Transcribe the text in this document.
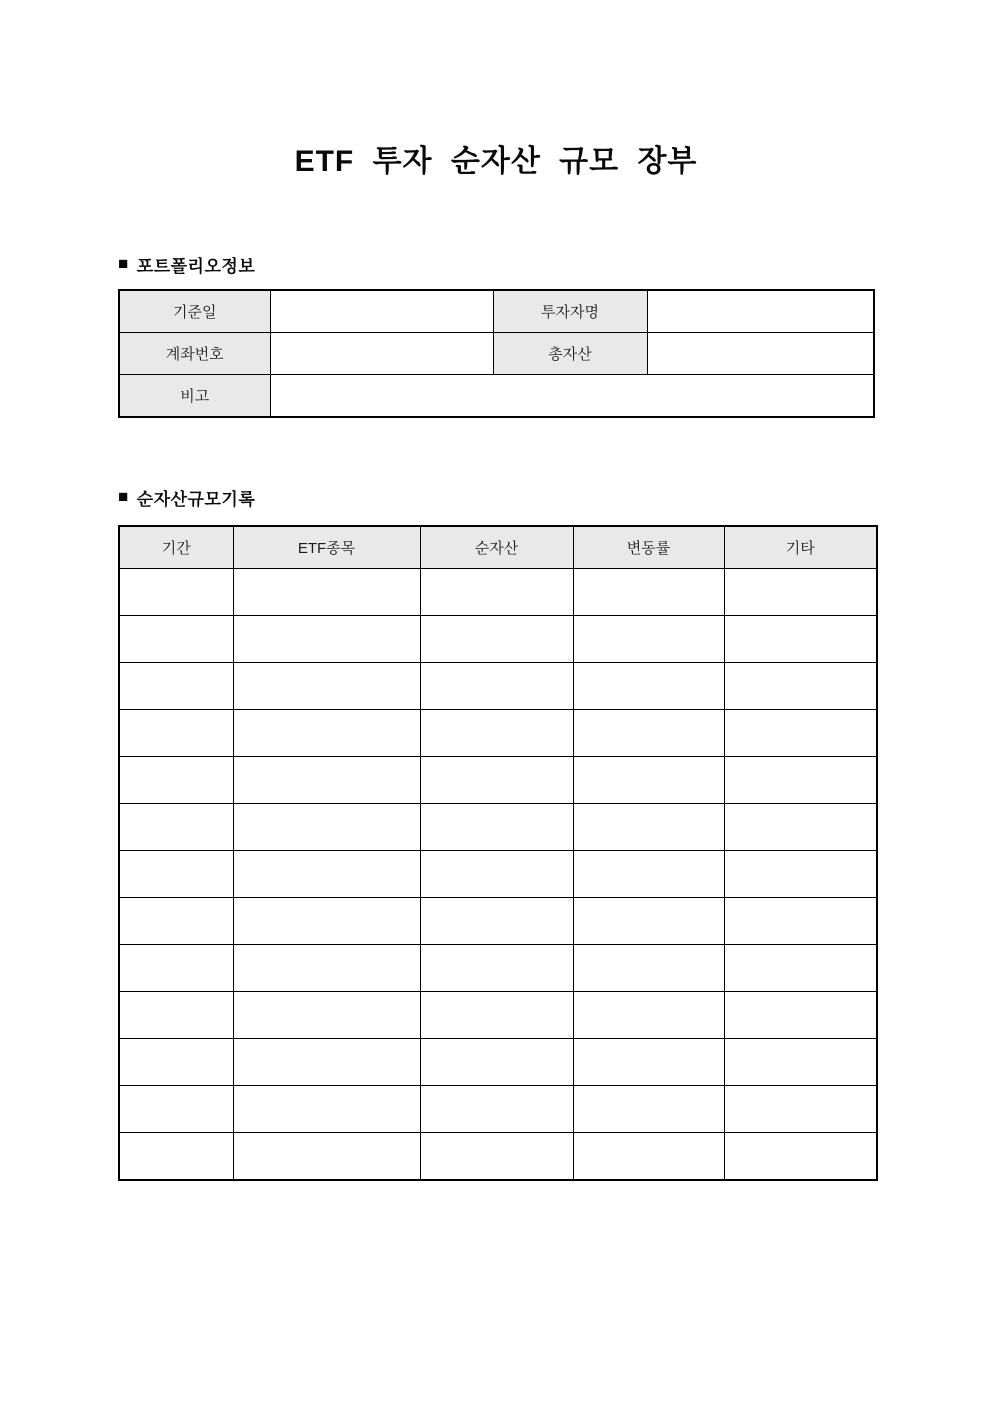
ETF 투자 순자산 규모 장부
■ 포트폴리오정보
기준일		투자자명	
계좌번호		총자산	
비고			
■ 순자산규모기록
기간	ETF종목	순자산	변동률	기타
